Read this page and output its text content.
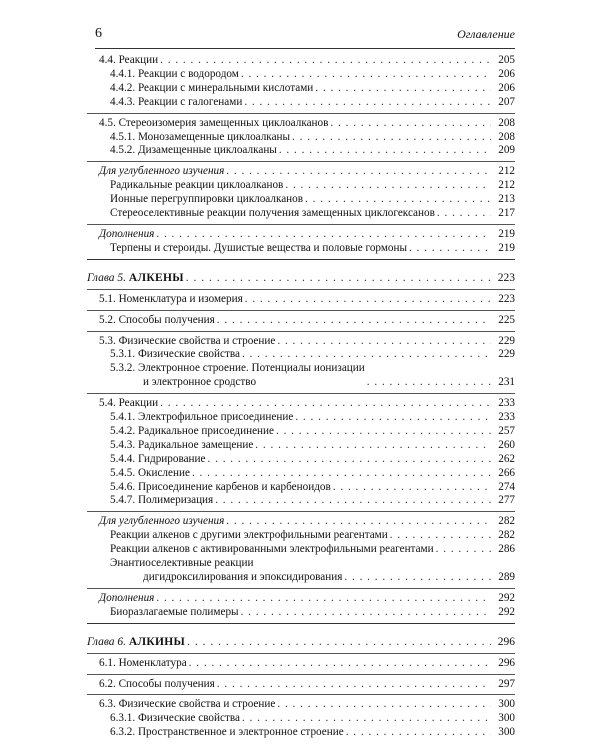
6	Оглавление
4.4. Реакции . . .	205
4.4.1. Реакции с водородом . . .	206
4.4.2. Реакции с минеральными кислотами . . .	206
4.4.3. Реакции с галогенами . . .	207
4.5. Стереоизомерия замещенных циклоалканов . . .	208
4.5.1. Монозамещенные циклоалканы . . .	208
4.5.2. Дизамещенные циклоалканы . . .	209
Для углубленного изучения . . .	212
Радикальные реакции циклоалканов . . .	212
Ионные перегруппировки циклоалканов . . .	213
Стереоселективные реакции получения замещенных циклогексанов . . .	217
Дополнения . . .	219
Терпены и стероиды. Душистые вещества и половые гормоны . . .	219
Глава 5. АЛКЕНЫ . . .	223
5.1. Номенклатура и изомерия . . .	223
5.2. Способы получения . . .	225
5.3. Физические свойства и строение . . .	229
5.3.1. Физические свойства . . .	229
5.3.2. Электронное строение. Потенциалы ионизации
и электронное сродство . . .	231
5.4. Реакции . . .	233
5.4.1. Электрофильное присоединение . . .	233
5.4.2. Радикальное присоединение . . .	257
5.4.3. Радикальное замещение . . .	260
5.4.4. Гидрирование . . .	262
5.4.5. Окисление . . .	266
5.4.6. Присоединение карбенов и карбеноидов . . .	274
5.4.7. Полимеризация . . .	277
Для углубленного изучения . . .	282
Реакции алкенов с другими электрофильными реагентами . . .	282
Реакции алкенов с активированными электрофильными реагентами . . .	286
Энантиоселективные реакции
дигидроксилирования и эпоксидирования . . .	289
Дополнения . . .	292
Биоразлагаемые полимеры . . .	292
Глава 6. АЛКИНЫ . . .	296
6.1. Номенклатура . . .	296
6.2. Способы получения . . .	297
6.3. Физические свойства и строение . . .	300
6.3.1. Физические свойства . . .	300
6.3.2. Пространственное и электронное строение . . .	300
